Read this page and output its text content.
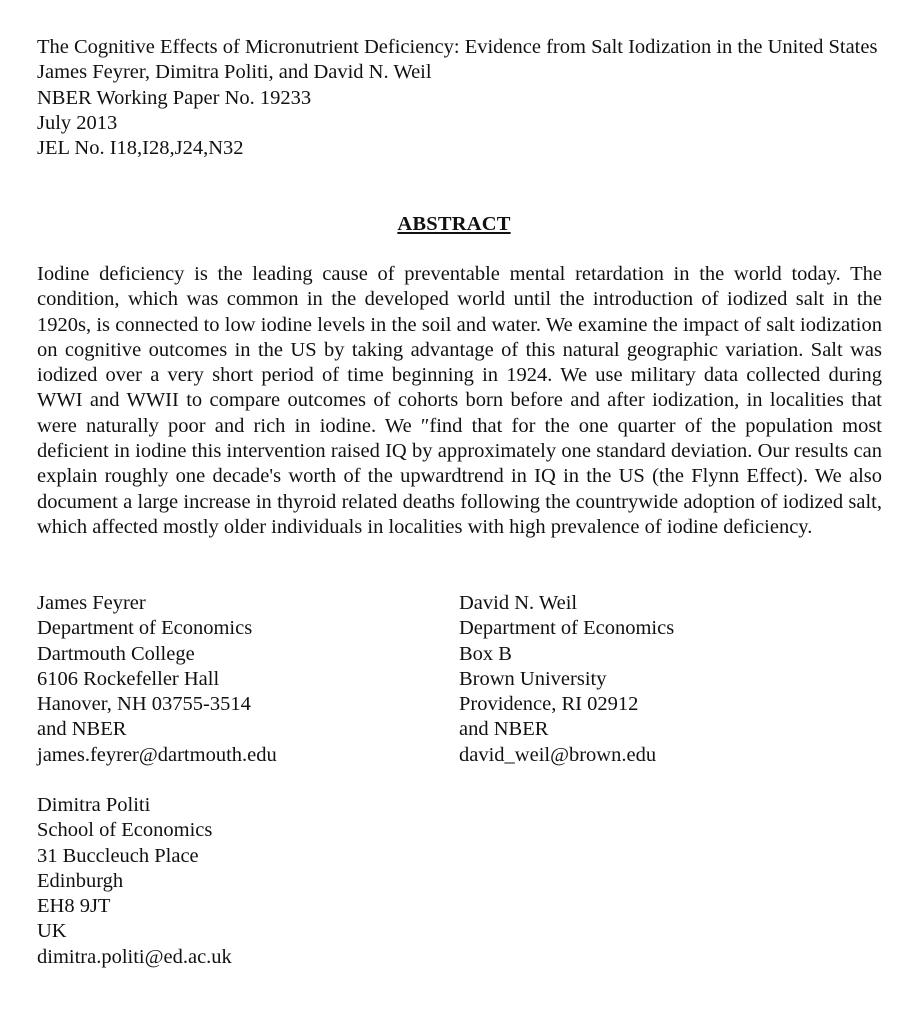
The Cognitive Effects of Micronutrient Deficiency: Evidence from Salt Iodization in the United States
James Feyrer, Dimitra Politi, and David N. Weil
NBER Working Paper No. 19233
July 2013
JEL No. I18,I28,J24,N32
ABSTRACT
Iodine deficiency is the leading cause of preventable mental retardation in the world today. The condition, which was common in the developed world until the introduction of iodized salt in the 1920s, is connected to low iodine levels in the soil and water. We examine the impact of salt iodization on cognitive outcomes in the US by taking advantage of this natural geographic variation. Salt was iodized over a very short period of time beginning in 1924. We use military data collected during WWI and WWII to compare outcomes of cohorts born before and after iodization, in localities that were naturally poor and rich in iodine. We ″find that for the one quarter of the population most deficient in iodine this intervention raised IQ by approximately one standard deviation. Our results can explain roughly one decade's worth of the upwardtrend in IQ in the US (the Flynn Effect). We also document a large increase in thyroid related deaths following the countrywide adoption of iodized salt, which affected mostly older individuals in localities with high prevalence of iodine deficiency.
James Feyrer
Department of Economics
Dartmouth College
6106 Rockefeller Hall
Hanover, NH 03755-3514
and NBER
james.feyrer@dartmouth.edu
David N. Weil
Department of Economics
Box B
Brown University
Providence, RI 02912
and NBER
david_weil@brown.edu
Dimitra Politi
School of Economics
31 Buccleuch Place
Edinburgh
EH8 9JT
UK
dimitra.politi@ed.ac.uk
